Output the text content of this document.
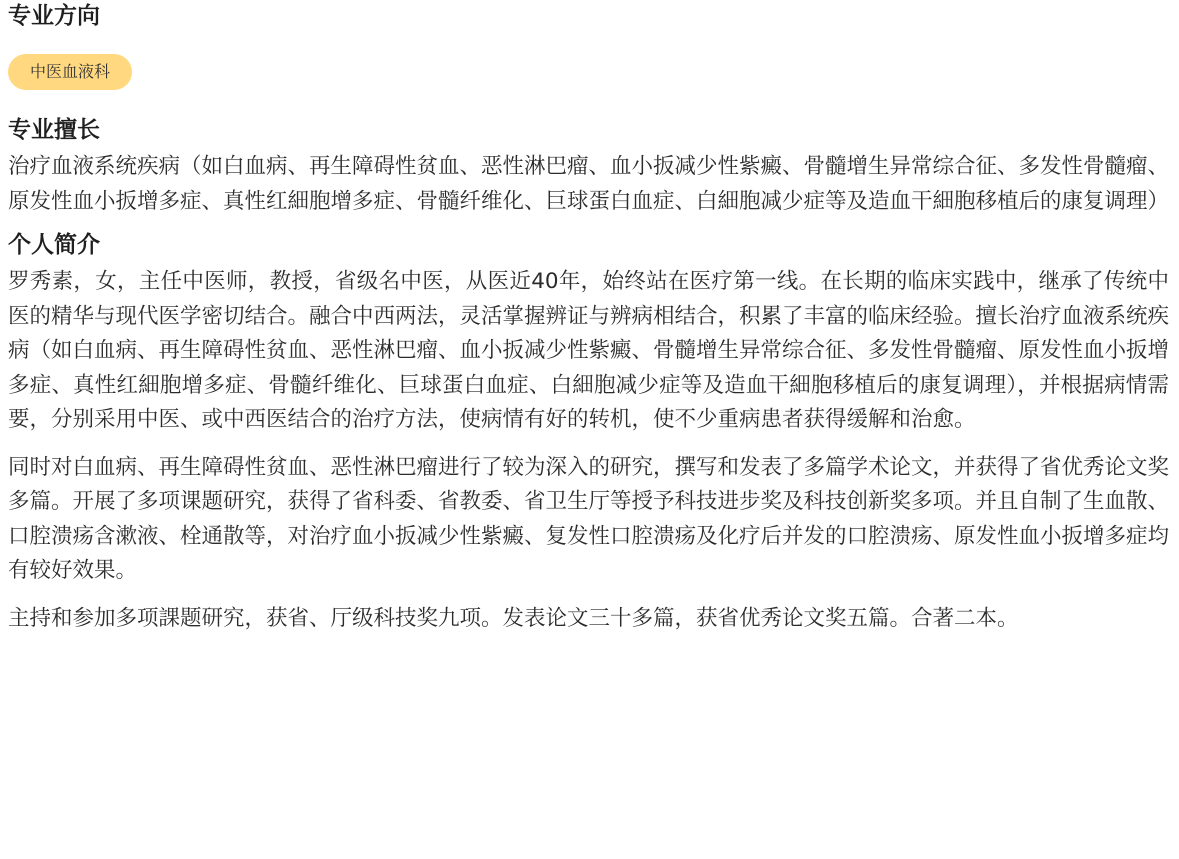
专业方向
中医血液科
专业擅长

治疗血液系统疾病（如白血病、再生障碍性贫血、恶性淋巴瘤、血小扳减少性紫癜、骨髓增生异常综合征、多发性骨髓瘤、原发性血小扳增多症、真性红細胞增多症、骨髓纤维化、巨球蛋白血症、白細胞减少症等及造血干細胞移植后的康复调理）

个人简介

罗秀素，女，主任中医师，教授，省级名中医，从医近40年，始终站在医疗第一线。在长期的临床实践中，继承了传统中医的精华与现代医学密切结合。融合中西两法，灵活掌握辨证与辨病相结合，积累了丰富的临床经验。擅长治疗血液系统疾病（如白血病、再生障碍性贫血、恶性淋巴瘤、血小扳减少性紫癜、骨髓增生异常综合征、多发性骨髓瘤、原发性血小扳增多症、真性红細胞增多症、骨髓纤维化、巨球蛋白血症、白細胞减少症等及造血干細胞移植后的康复调理），并根据病情需要，分别采用中医、或中西医结合的治疗方法，使病情有好的转机，使不少重病患者获得缓解和治愈。

同时对白血病、再生障碍性贫血、恶性淋巴瘤进行了较为深入的研究，撰写和发表了多篇学术论文，并获得了省优秀论文奖多篇。开展了多项课题研究，获得了省科委、省教委、省卫生厅等授予科技进步奖及科技创新奖多项。并且自制了生血散、口腔溃疡含漱液、栓通散等，对治疗血小扳减少性紫癜、复发性口腔溃疡及化疗后并发的口腔溃疡、原发性血小扳增多症均有较好效果。

主持和参加多项課题研究，获省、厅级科技奖九项。发表论文三十多篇，获省优秀论文奖五篇。合著二本。
